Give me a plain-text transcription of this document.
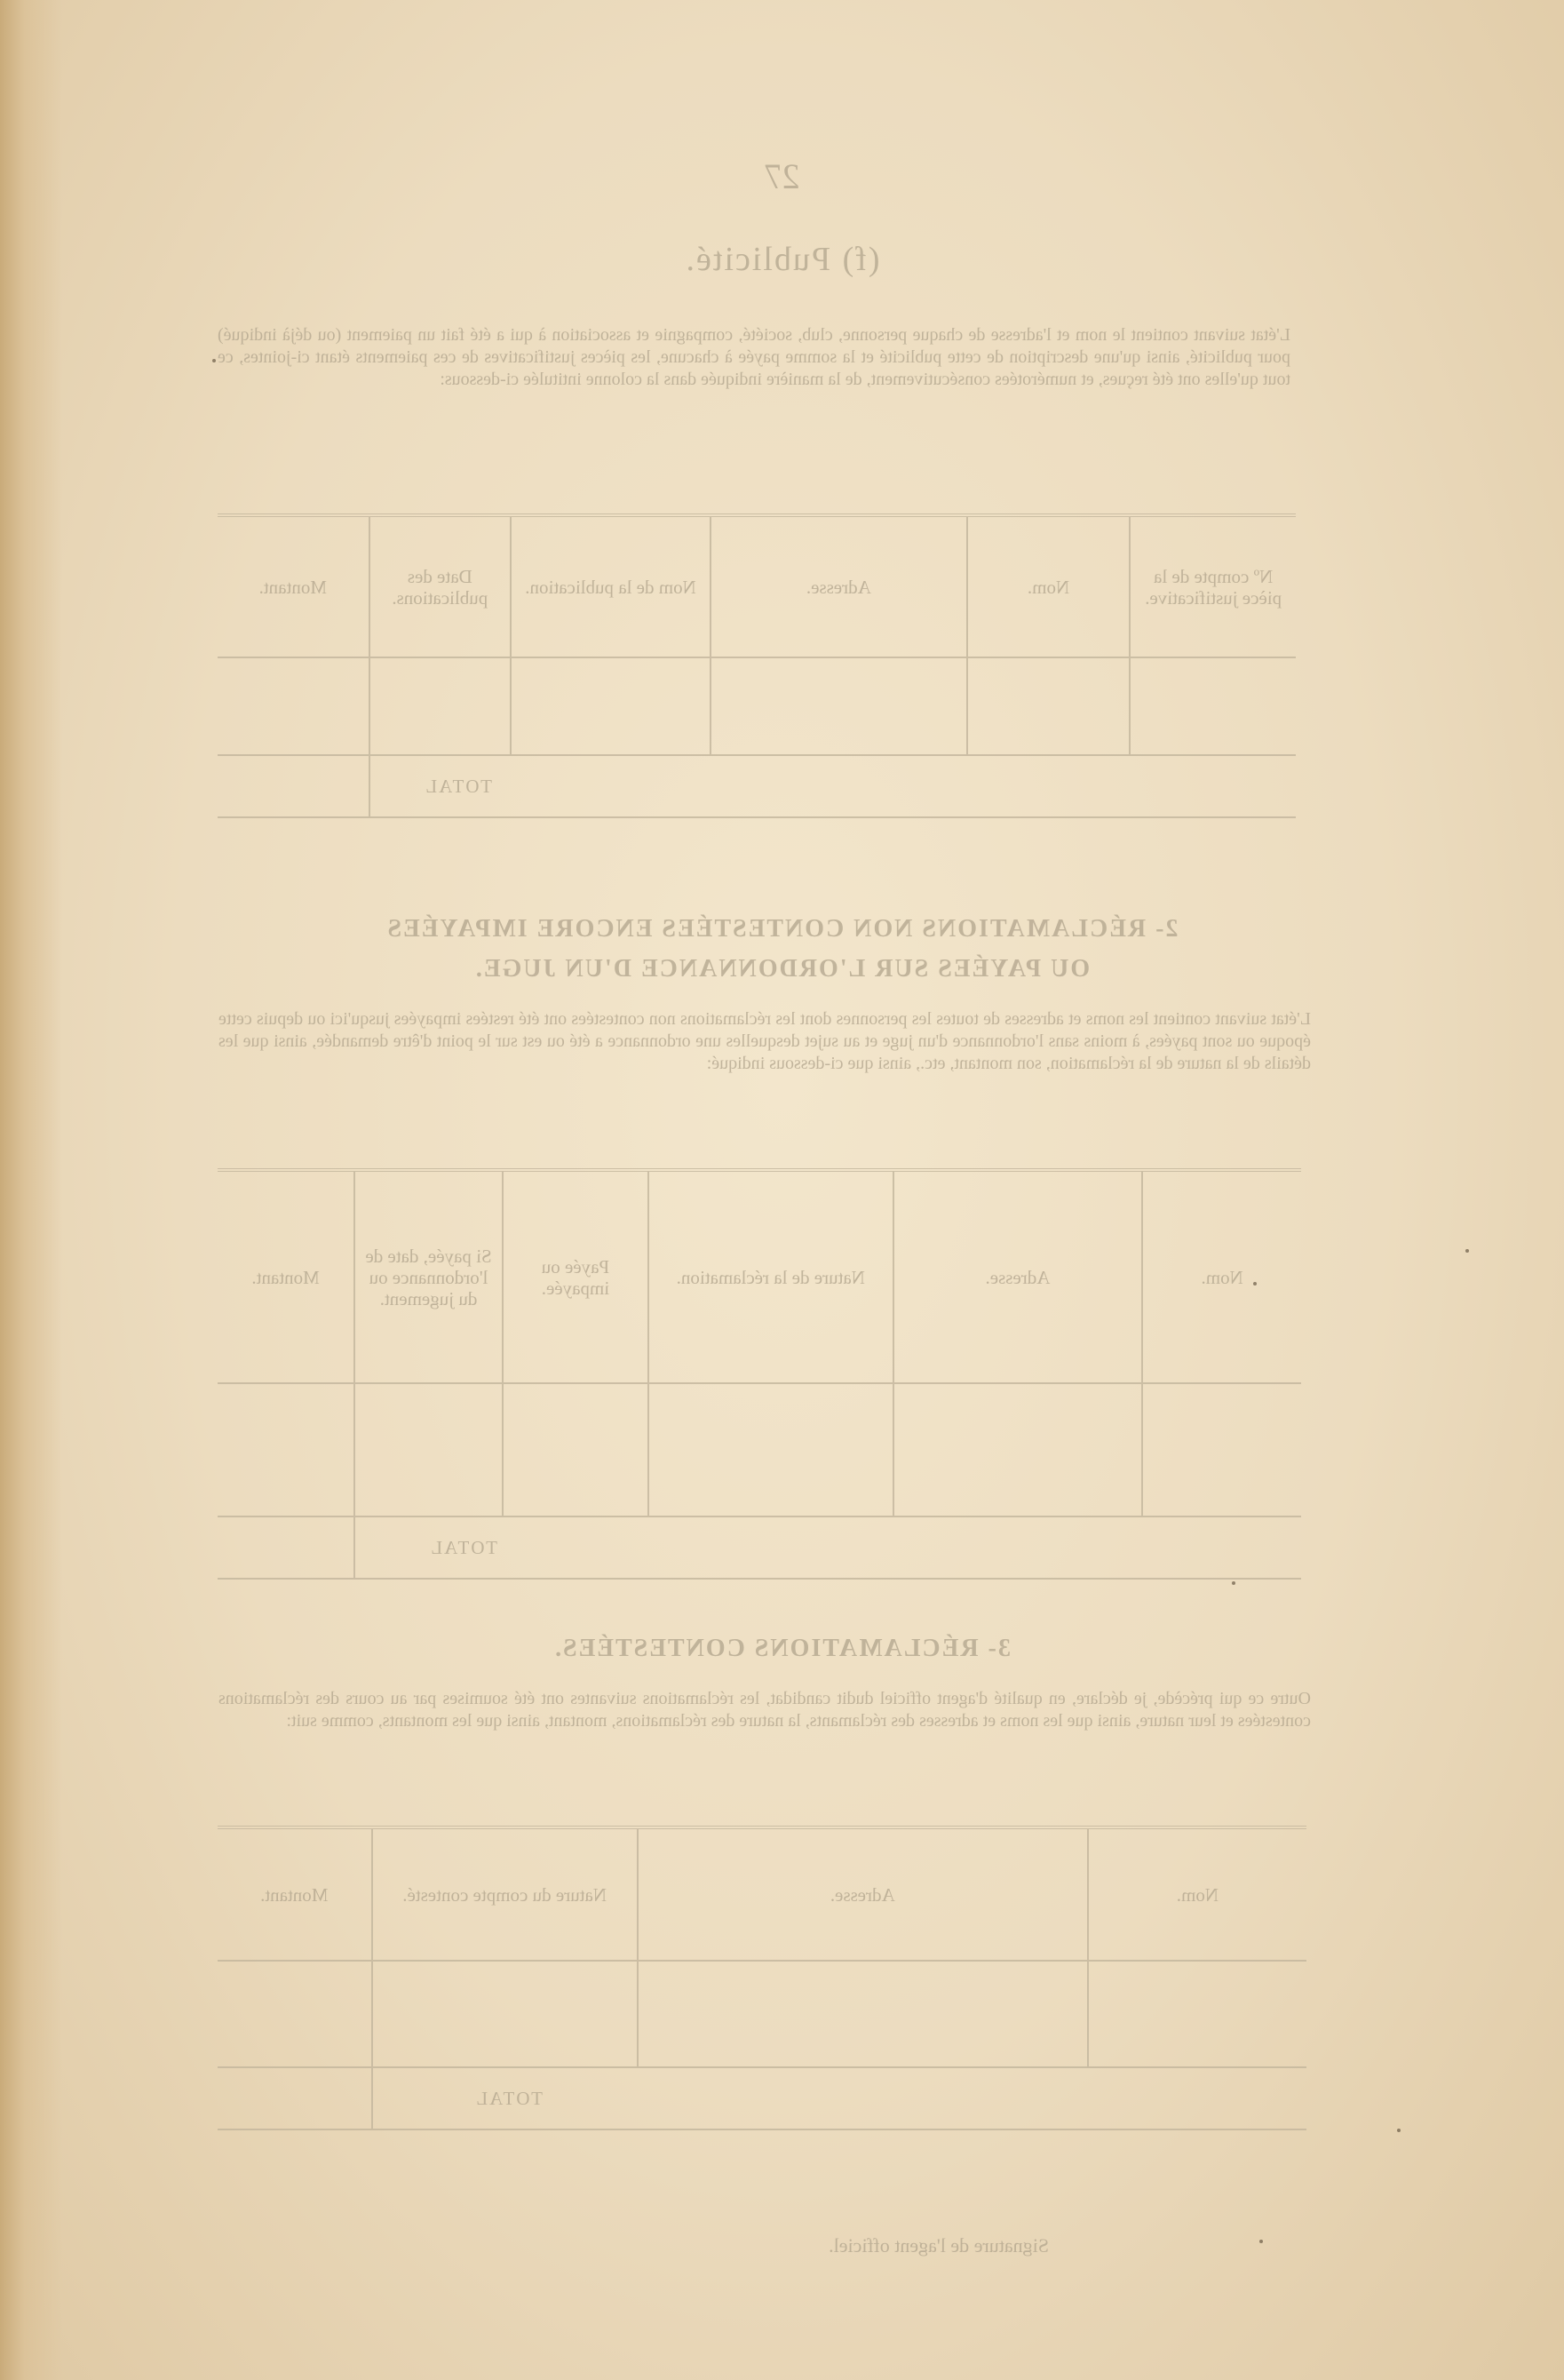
27
(f) Publicité.
L'état suivant contient le nom et l'adresse de chaque personne, club, société, compagnie et association à qui a été fait un paiement (ou déjà indiqué) pour publicité, ainsi qu'une description de cette publicité et la somme payée à chacune, les pièces justificatives de ces paiements étant ci-jointes, ce tout qu'elles ont été reçues, et numérotées consécutivement, de la manière indiquée dans la colonne intitulée ci-dessous:
Nº compte de la pièce justificative.	Nom.	Adresse.	Nom de la publication.	Date des publications.	Montant.

TOTAL					
2- RÉCLAMATIONS NON CONTESTÉES ENCORE IMPAYÉES
OU PAYÉES SUR L'ORDONNANCE D'UN JUGE.
L'état suivant contient les noms et adresses de toutes les personnes dont les réclamations non contestées ont été restées impayées jusqu'ici ou depuis cette époque ou sont payées, à moins sans l'ordonnance d'un juge et au sujet desquelles une ordonnance a été ou est sur le point d'être demandée, ainsi que les détails de la nature de la réclamation, son montant, etc., ainsi que ci-dessous indiqué:
Nom.	Adresse.	Nature de la réclamation.	Payée ou impayée.	Si payée, date de l'ordonnance ou du jugement.	Montant.

TOTAL					
3- RÉCLAMATIONS CONTESTÉES.
Outre ce qui précède, je déclare, en qualité d'agent officiel dudit candidat, les réclamations suivantes ont été soumises par au cours des réclamations contestées et leur nature, ainsi que les noms et adresses des réclamants, la nature des réclamations, montant, ainsi que les montants, comme suit:
Nom.	Adresse.	Nature du compte contesté.	Montant.

TOTAL			
Signature de l'agent officiel.
